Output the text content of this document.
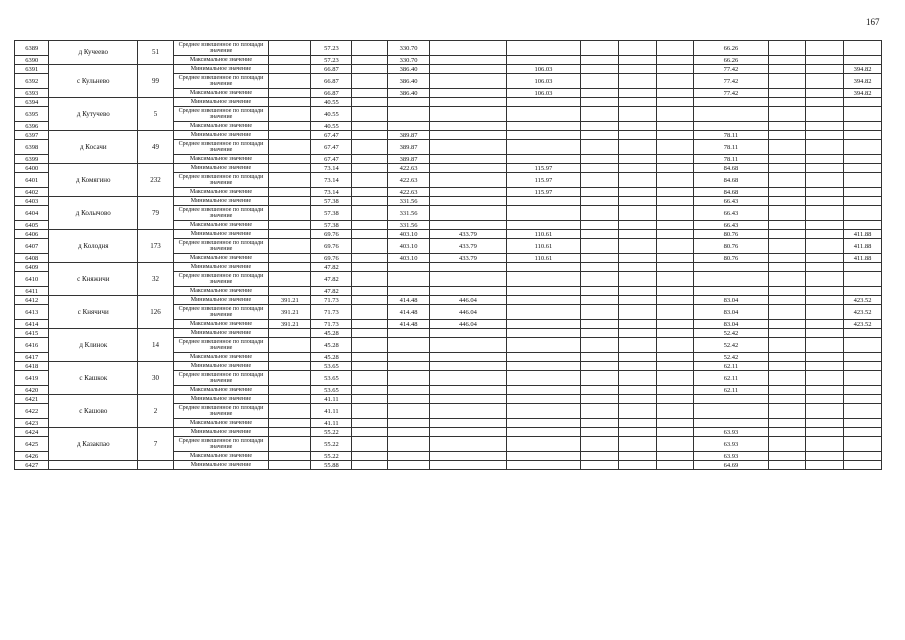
167
6389	д Кучеево	51	Среднее взвешенное по площади значение		57.23		330.70						66.26			
6390			Максимальное значение		57.23		330.70						66.26			
6391	с Кульнево	99	Минимальное значение		66.87		386.40		106.03				77.42			394.82
6392			Среднее взвешенное по площади значение		66.87		386.40		106.03				77.42			394.82
6393			Максимальное значение		66.87		386.40		106.03				77.42			394.82
6394	д Кутучево	5	Минимальное значение		40.55											
6395			Среднее взвешенное по площади значение		40.55											
6396			Максимальное значение		40.55											
6397	д Косачи	49	Минимальное значение		67.47		389.87						78.11			
6398			Среднее взвешенное по площади значение		67.47		389.87						78.11			
6399			Максимальное значение		67.47		389.87						78.11			
6400	д Комягино	232	Минимальное значение		73.14		422.63		115.97				84.68			
6401			Среднее взвешенное по площади значение		73.14		422.63		115.97				84.68			
6402			Максимальное значение		73.14		422.63		115.97				84.68			
6403	д Колычово	79	Минимальное значение		57.38		331.56						66.43			
6404			Среднее взвешенное по площади значение		57.38		331.56						66.43			
6405			Максимальное значение		57.38		331.56						66.43			
6406	д Колодня	173	Минимальное значение		69.76		403.10	433.79	110.61				80.76			411.88
6407			Среднее взвешенное по площади значение		69.76		403.10	433.79	110.61				80.76			411.88
6408			Максимальное значение		69.76		403.10	433.79	110.61				80.76			411.88
6409	с Княжичи	32	Минимальное значение		47.82											
6410			Среднее взвешенное по площади значение		47.82											
6411			Максимальное значение		47.82											
6412	с Княчичи	126	Минимальное значение	391.21	71.73		414.48	446.04					83.04			423.52
6413			Среднее взвешенное по площади значение	391.21	71.73		414.48	446.04					83.04			423.52
6414			Максимальное значение	391.21	71.73		414.48	446.04					83.04			423.52
6415	д Клинок	14	Минимальное значение		45.28								52.42			
6416			Среднее взвешенное по площади значение		45.28								52.42			
6417			Максимальное значение		45.28								52.42			
6418	с Кашкок	30	Минимальное значение		53.65								62.11			
6419			Среднее взвешенное по площади значение		53.65								62.11			
6420			Максимальное значение		53.65								62.11			
6421	с Кашово	2	Минимальное значение		41.11											
6422			Среднее взвешенное по площади значение		41.11											
6423			Максимальное значение		41.11											
6424	д Казакпао	7	Минимальное значение		55.22								63.93			
6425			Среднее взвешенное по площади значение		55.22								63.93			
6426			Максимальное значение		55.22								63.93			
6427			Минимальное значение		55.88								64.69			
